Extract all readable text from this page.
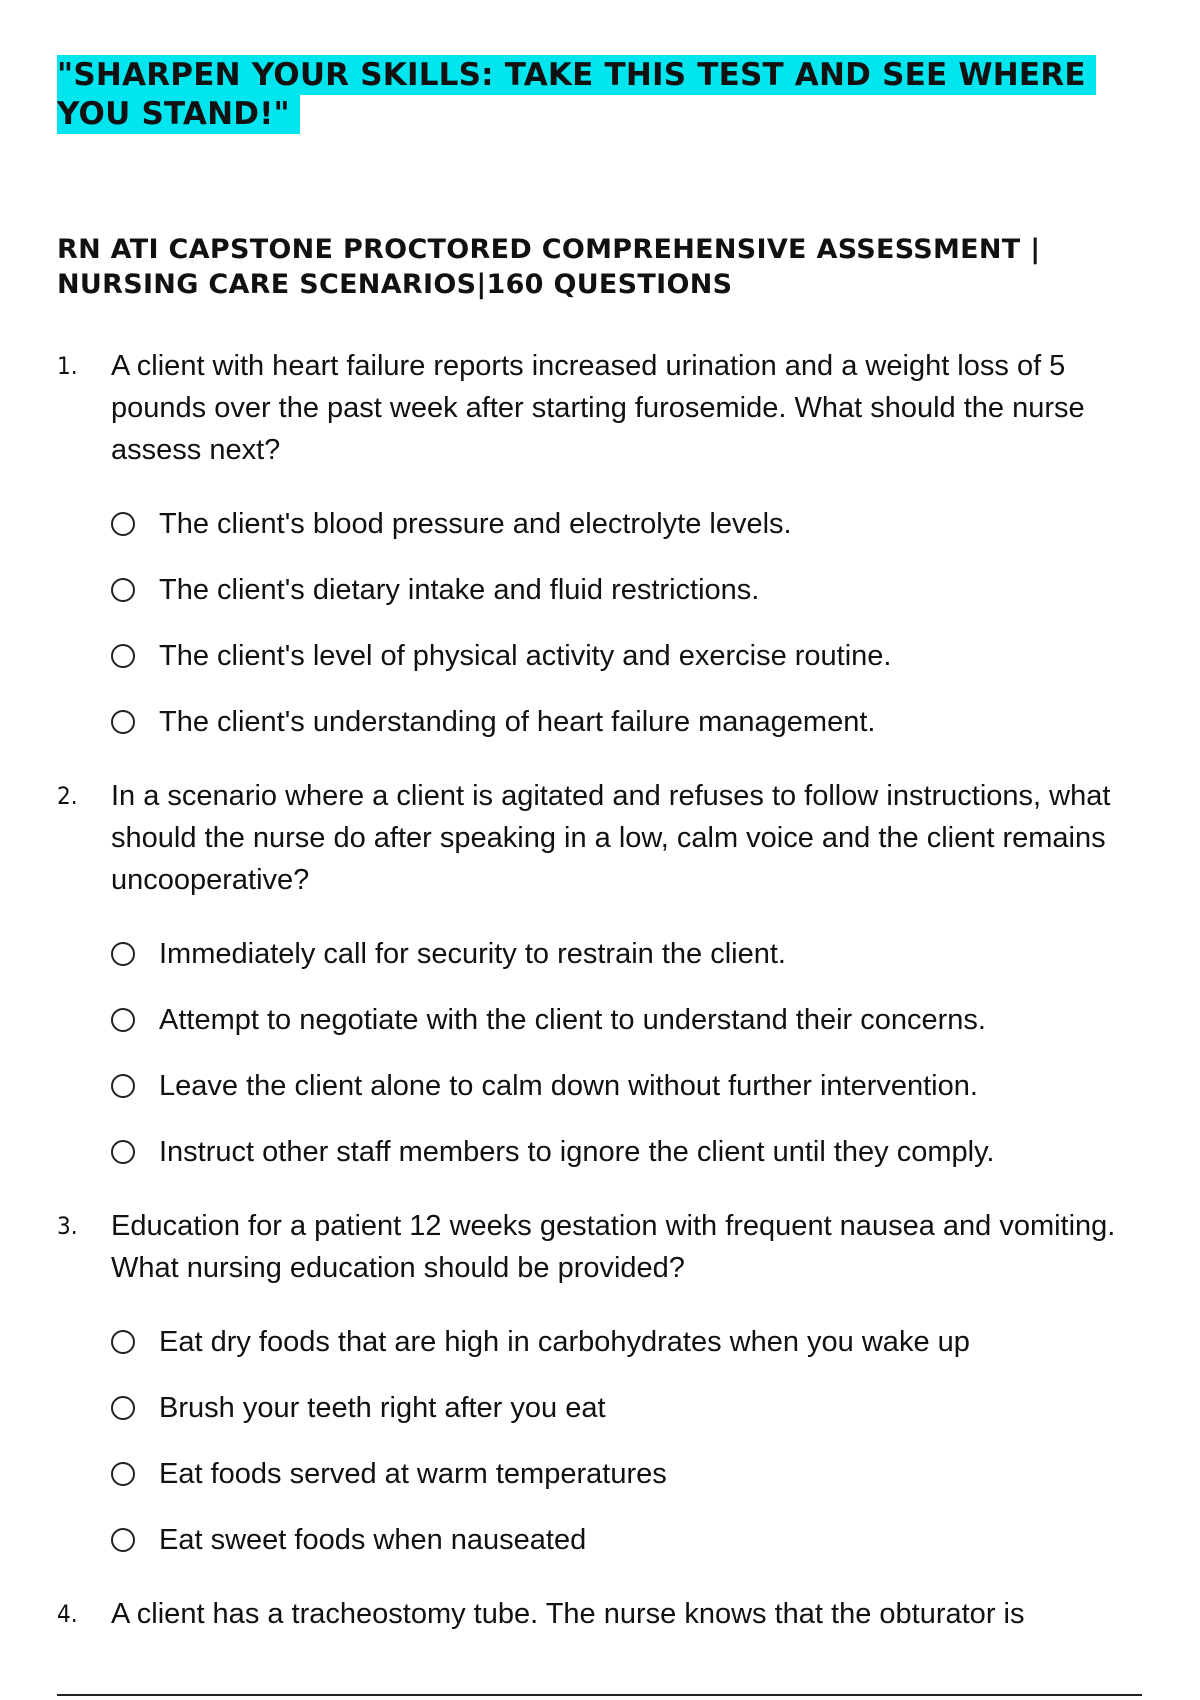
"SHARPEN YOUR SKILLS: TAKE THIS TEST AND SEE WHERE YOU STAND!"
RN ATI CAPSTONE PROCTORED COMPREHENSIVE ASSESSMENT | NURSING CARE SCENARIOS|160 QUESTIONS
1.	A client with heart failure reports increased urination and a weight loss of 5 pounds over the past week after starting furosemide. What should the nurse assess next?
The client's blood pressure and electrolyte levels.
The client's dietary intake and fluid restrictions.
The client's level of physical activity and exercise routine.
The client's understanding of heart failure management.
2.	In a scenario where a client is agitated and refuses to follow instructions, what should the nurse do after speaking in a low, calm voice and the client remains uncooperative?
Immediately call for security to restrain the client.
Attempt to negotiate with the client to understand their concerns.
Leave the client alone to calm down without further intervention.
Instruct other staff members to ignore the client until they comply.
3.	Education for a patient 12 weeks gestation with frequent nausea and vomiting. What nursing education should be provided?
Eat dry foods that are high in carbohydrates when you wake up
Brush your teeth right after you eat
Eat foods served at warm temperatures
Eat sweet foods when nauseated
4.	A client has a tracheostomy tube. The nurse knows that the obturator is
